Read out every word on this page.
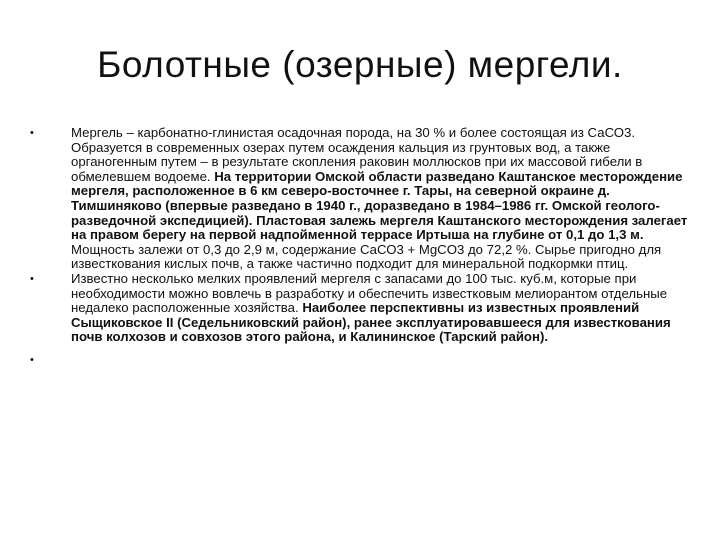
Болотные (озерные) мергели.
•	Мергель – карбонатно-глинистая осадочная порода, на 30 % и более состоящая из СаСО3. Образуется в современных озерах путем осаждения кальция из грунтовых вод, а также органогенным путем – в результате скопления раковин моллюсков при их массовой гибели в обмелевшем водоеме. На территории Омской области разведано Каштанское месторождение мергеля, расположенное в 6 км северо-восточнее г. Тары, на северной окраине д. Тимшиняково (впервые разведано в 1940 г., доразведано в 1984–1986 гг. Омской геолого-разведочной экспедицией). Пластовая залежь мергеля Каштанского месторождения залегает на правом берегу на первой надпойменной террасе Иртыша на глубине от 0,1 до 1,3 м. Мощность залежи от 0,3 до 2,9 м, содержание СаСО3 + MgCO3 до 72,2 %. Сырье пригодно для известкования кислых почв, а также частично подходит для минеральной подкормки птиц.
•	Известно несколько мелких проявлений мергеля с запасами до 100 тыс. куб.м, которые при необходимости можно вовлечь в разработку и обеспечить известковым мелиорантом отдельные недалеко расположенные хозяйства. Наиболее перспективны из известных проявлений Сыщиковское II (Седельниковский район), ранее эксплуатировавшееся для известкования почв колхозов и совхозов этого района, и Калининское (Тарский район).
•
